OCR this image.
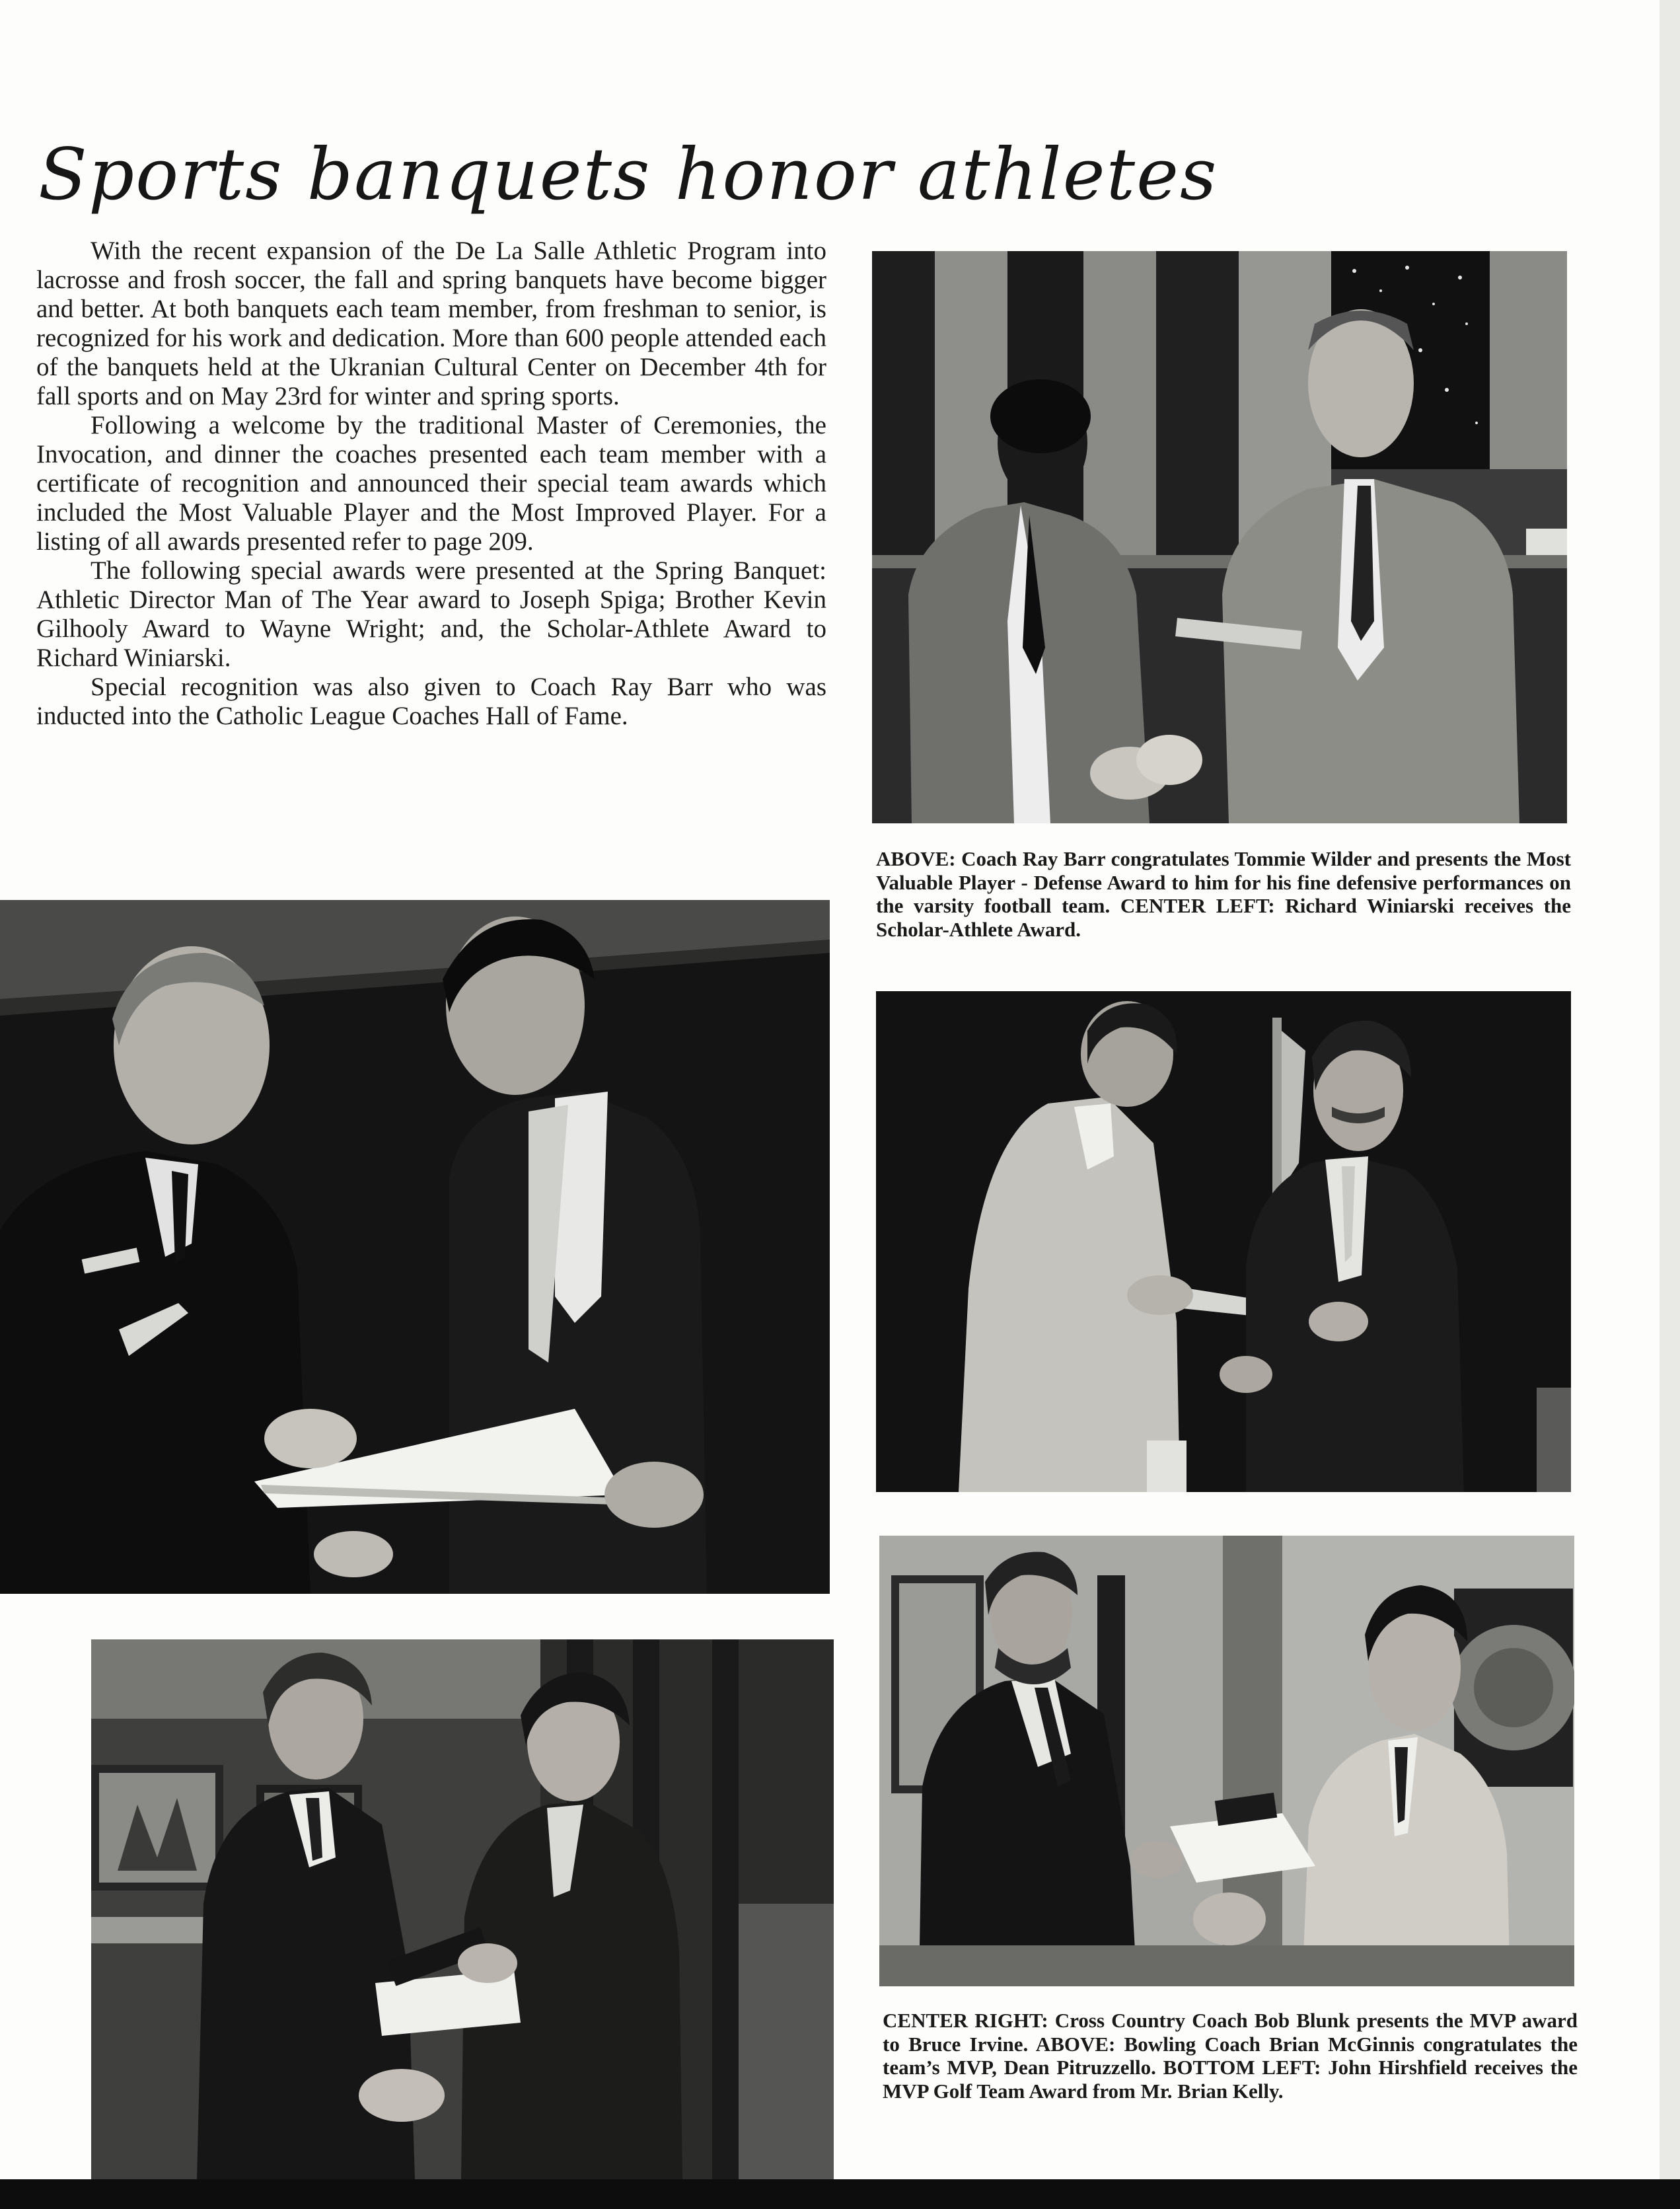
Sports banquets honor athletes

With the recent expansion of the De La Salle Athletic Program into lacrosse and frosh soccer, the fall and spring banquets have become bigger and better. At both banquets each team member, from freshman to senior, is recognized for his work and dedication. More than 600 people attended each of the banquets held at the Ukranian Cultural Center on December 4th for fall sports and on May 23rd for winter and spring sports.

Following a welcome by the traditional Master of Ceremonies, the Invocation, and dinner the coaches presented each team member with a certificate of recognition and announced their special team awards which included the Most Valuable Player and the Most Improved Player. For a listing of all awards presented refer to page 209.

The following special awards were presented at the Spring Banquet: Athletic Director Man of The Year award to Joseph Spiga; Brother Kevin Gilhooly Award to Wayne Wright; and, the Scholar-Athlete Award to Richard Winiarski.

Special recognition was also given to Coach Ray Barr who was inducted into the Catholic League Coaches Hall of Fame.

ABOVE: Coach Ray Barr congratulates Tommie Wilder and presents the Most Valuable Player - Defense Award to him for his fine defensive performances on the varsity football team. CENTER LEFT: Richard Winiarski receives the Scholar-Athlete Award.
CENTER RIGHT: Cross Country Coach Bob Blunk presents the MVP award to Bruce Irvine. ABOVE: Bowling Coach Brian McGinnis congratulates the team’s MVP, Dean Pitruzzello. BOTTOM LEFT: John Hirshfield receives the MVP Golf Team Award from Mr. Brian Kelly.
